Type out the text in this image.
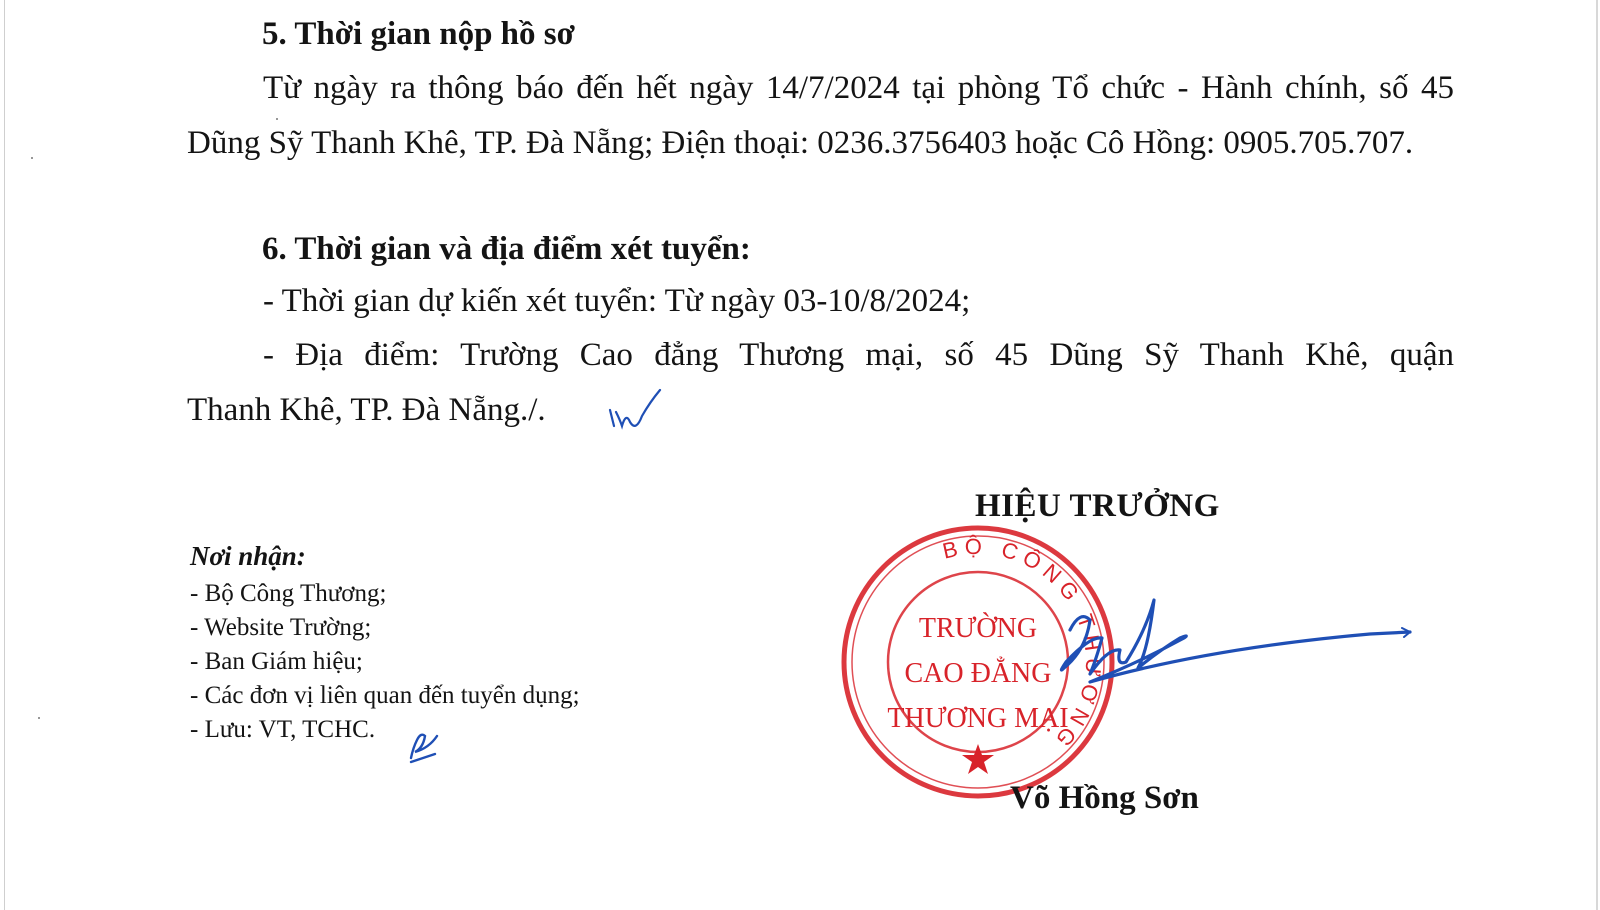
5. Thời gian nộp hồ sơ
Từ ngày ra thông báo đến hết ngày 14/7/2024 tại phòng Tổ chức - Hành chính, số 45 Dũng Sỹ Thanh Khê, TP. Đà Nẵng; Điện thoại: 0236.3756403 hoặc Cô Hồng: 0905.705.707.
6. Thời gian và địa điểm xét tuyển:
- Thời gian dự kiến xét tuyển: Từ ngày 03-10/8/2024;
- Địa điểm: Trường Cao đẳng Thương mại, số 45 Dũng Sỹ Thanh Khê, quận
Thanh Khê, TP. Đà Nẵng./.
Nơi nhận:
- Bộ Công Thương;
- Website Trường;
- Ban Giám hiệu;
- Các đơn vị liên quan đến tuyển dụng;
- Lưu: VT, TCHC.
HIỆU TRƯỞNG
BỘ CÔNG THƯƠNG
TRƯỜNG
CAO ĐẲNG
THƯƠNG MẠI
Võ Hồng Sơn
